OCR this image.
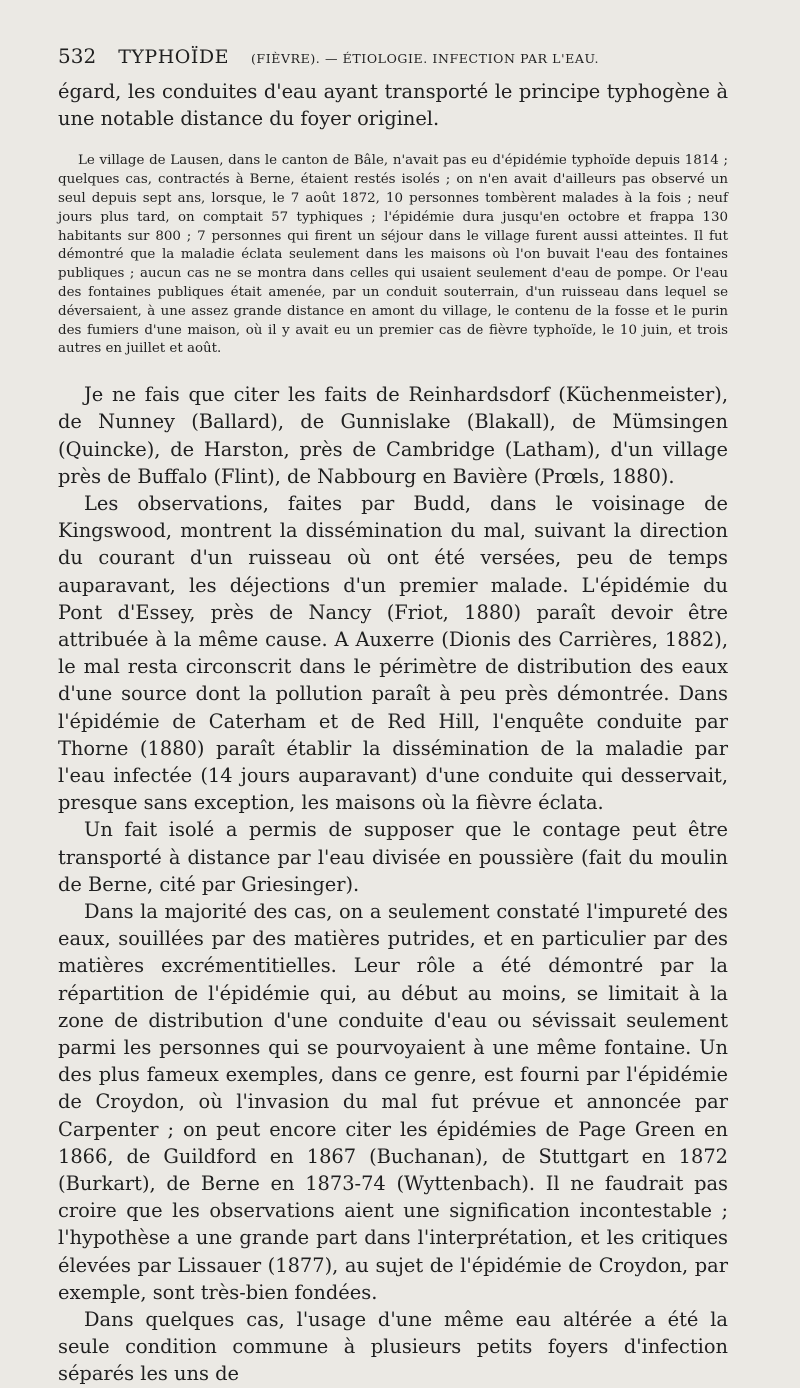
532 TYPHOÏDE (FIÈVRE). — ÉTIOLOGIE. INFECTION PAR L'EAU.

égard, les conduites d'eau ayant transporté le principe typhogène à une notable distance du foyer originel.

Le village de Lausen, dans le canton de Bâle, n'avait pas eu d'épidémie typhoïde depuis 1814 ; quelques cas, contractés à Berne, étaient restés isolés ; on n'en avait d'ailleurs pas observé un seul depuis sept ans, lorsque, le 7 août 1872, 10 personnes tombèrent malades à la fois ; neuf jours plus tard, on comptait 57 typhiques ; l'épidémie dura jusqu'en octobre et frappa 130 habitants sur 800 ; 7 personnes qui firent un séjour dans le village furent aussi atteintes. Il fut démontré que la maladie éclata seulement dans les maisons où l'on buvait l'eau des fontaines publiques ; aucun cas ne se montra dans celles qui usaient seulement d'eau de pompe. Or l'eau des fontaines publiques était amenée, par un conduit souterrain, d'un ruisseau dans lequel se déversaient, à une assez grande distance en amont du village, le contenu de la fosse et le purin des fumiers d'une maison, où il y avait eu un premier cas de fièvre typhoïde, le 10 juin, et trois autres en juillet et août.

Je ne fais que citer les faits de Reinhardsdorf (Küchenmeister), de Nunney (Ballard), de Gunnislake (Blakall), de Mümsingen (Quincke), de Harston, près de Cambridge (Latham), d'un village près de Buffalo (Flint), de Nabbourg en Bavière (Prœls, 1880).

Les observations, faites par Budd, dans le voisinage de Kingswood, montrent la dissémination du mal, suivant la direction du courant d'un ruisseau où ont été versées, peu de temps auparavant, les déjections d'un premier malade. L'épidémie du Pont d'Essey, près de Nancy (Friot, 1880) paraît devoir être attribuée à la même cause. A Auxerre (Dionis des Carrières, 1882), le mal resta circonscrit dans le périmètre de distribution des eaux d'une source dont la pollution paraît à peu près démontrée. Dans l'épidémie de Caterham et de Red Hill, l'enquête conduite par Thorne (1880) paraît établir la dissémination de la maladie par l'eau infectée (14 jours auparavant) d'une conduite qui desservait, presque sans exception, les maisons où la fièvre éclata.

Un fait isolé a permis de supposer que le contage peut être transporté à distance par l'eau divisée en poussière (fait du moulin de Berne, cité par Griesinger).

Dans la majorité des cas, on a seulement constaté l'impureté des eaux, souillées par des matières putrides, et en particulier par des matières excrémentitielles. Leur rôle a été démontré par la répartition de l'épidémie qui, au début au moins, se limitait à la zone de distribution d'une conduite d'eau ou sévissait seulement parmi les personnes qui se pourvoyaient à une même fontaine. Un des plus fameux exemples, dans ce genre, est fourni par l'épidémie de Croydon, où l'invasion du mal fut prévue et annoncée par Carpenter ; on peut encore citer les épidémies de Page Green en 1866, de Guildford en 1867 (Buchanan), de Stuttgart en 1872 (Burkart), de Berne en 1873-74 (Wyttenbach). Il ne faudrait pas croire que les observations aient une signification incontestable ; l'hypothèse a une grande part dans l'interprétation, et les critiques élevées par Lissauer (1877), au sujet de l'épidémie de Croydon, par exemple, sont très-bien fondées.

Dans quelques cas, l'usage d'une même eau altérée a été la seule condition commune à plusieurs petits foyers d'infection séparés les uns de
